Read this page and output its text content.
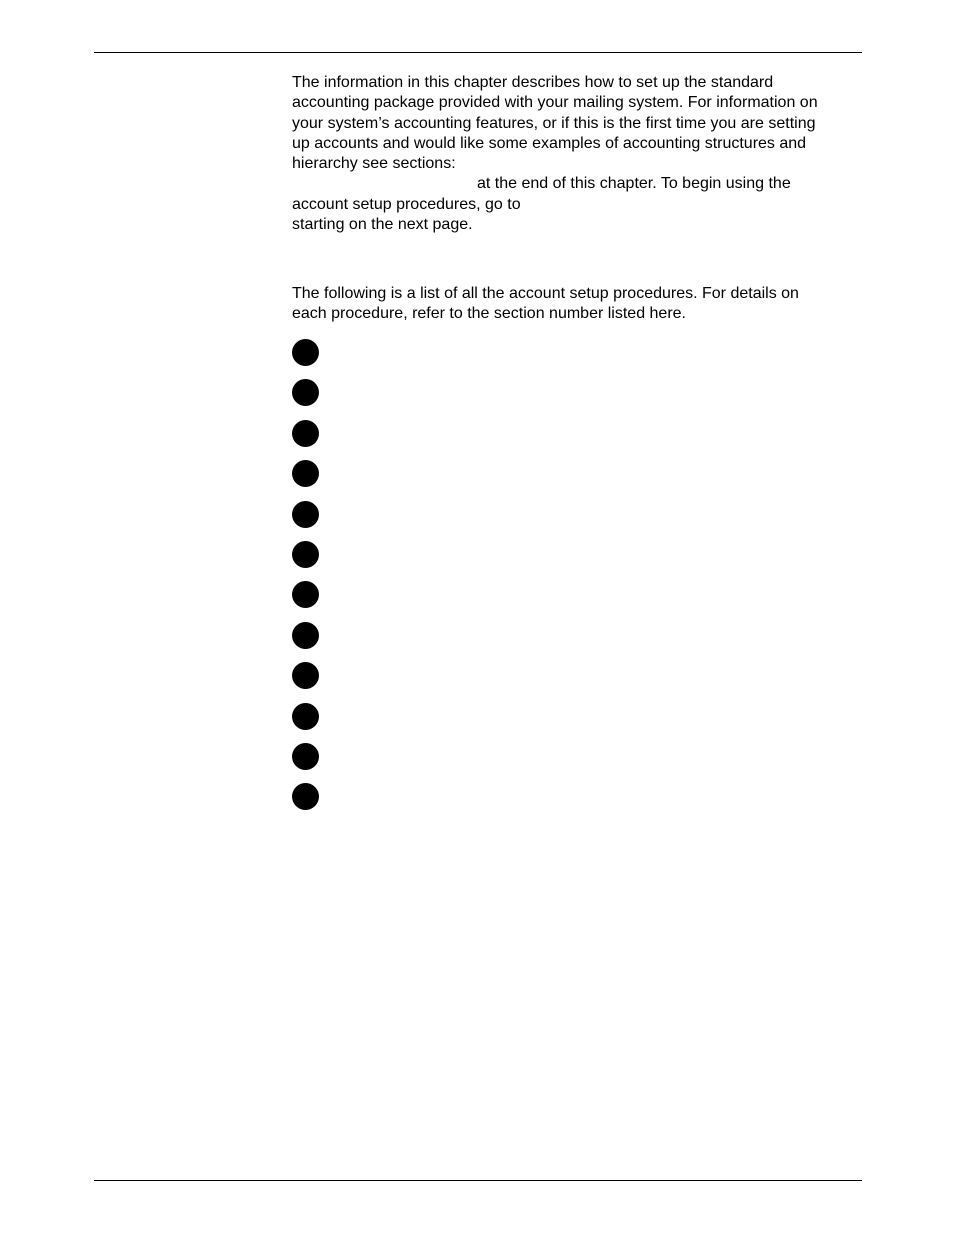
The information in this chapter describes how to set up the standard
accounting package provided with your mailing system. For information on
your system’s accounting features, or if this is the first time you are setting
up accounts and would like some examples of accounting structures and
hierarchy see sections:
at the end of this chapter. To begin using the
account setup procedures, go to
starting on the next page.
The following is a list of all the account setup procedures. For details on
each procedure, refer to the section number listed here.
